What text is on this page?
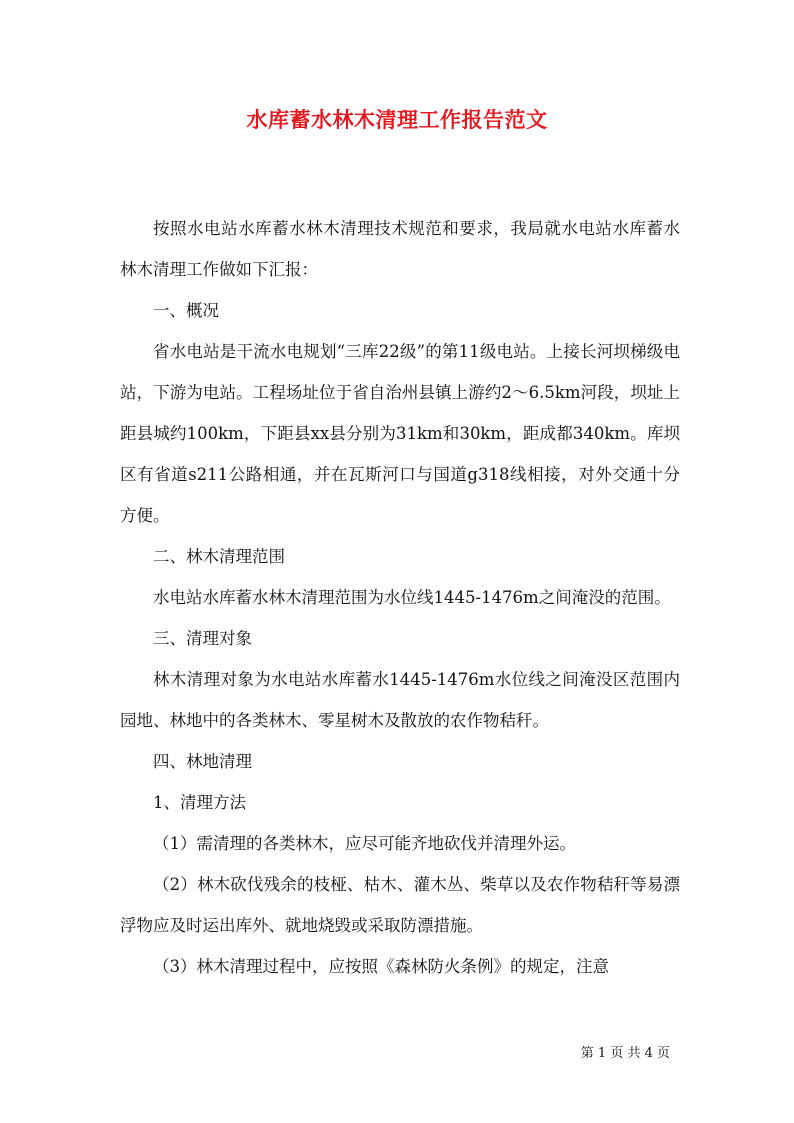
水库蓄水林木清理工作报告范文

按照水电站水库蓄水林木清理技术规范和要求，我局就水电站水库蓄水林木清理工作做如下汇报：

一、概况

省水电站是干流水电规划“三库22级”的第11级电站。上接长河坝梯级电站，下游为电站。工程场址位于省自治州县镇上游约2～6.5km河段，坝址上距县城约100km，下距县xx县分别为31km和30km，距成都340km。库坝区有省道s211公路相通，并在瓦斯河口与国道g318线相接，对外交通十分方便。

二、林木清理范围

水电站水库蓄水林木清理范围为水位线1445-1476m之间淹没的范围。

三、清理对象

林木清理对象为水电站水库蓄水1445-1476m水位线之间淹没区范围内园地、林地中的各类林木、零星树木及散放的农作物秸秆。

四、林地清理

1、清理方法

（1）需清理的各类林木，应尽可能齐地砍伐并清理外运。

（2）林木砍伐残余的枝桠、枯木、灌木丛、柴草以及农作物秸秆等易漂浮物应及时运出库外、就地烧毁或采取防漂措施。

（3）林木清理过程中，应按照《森林防火条例》的规定，注意

第 1 页 共 4 页
